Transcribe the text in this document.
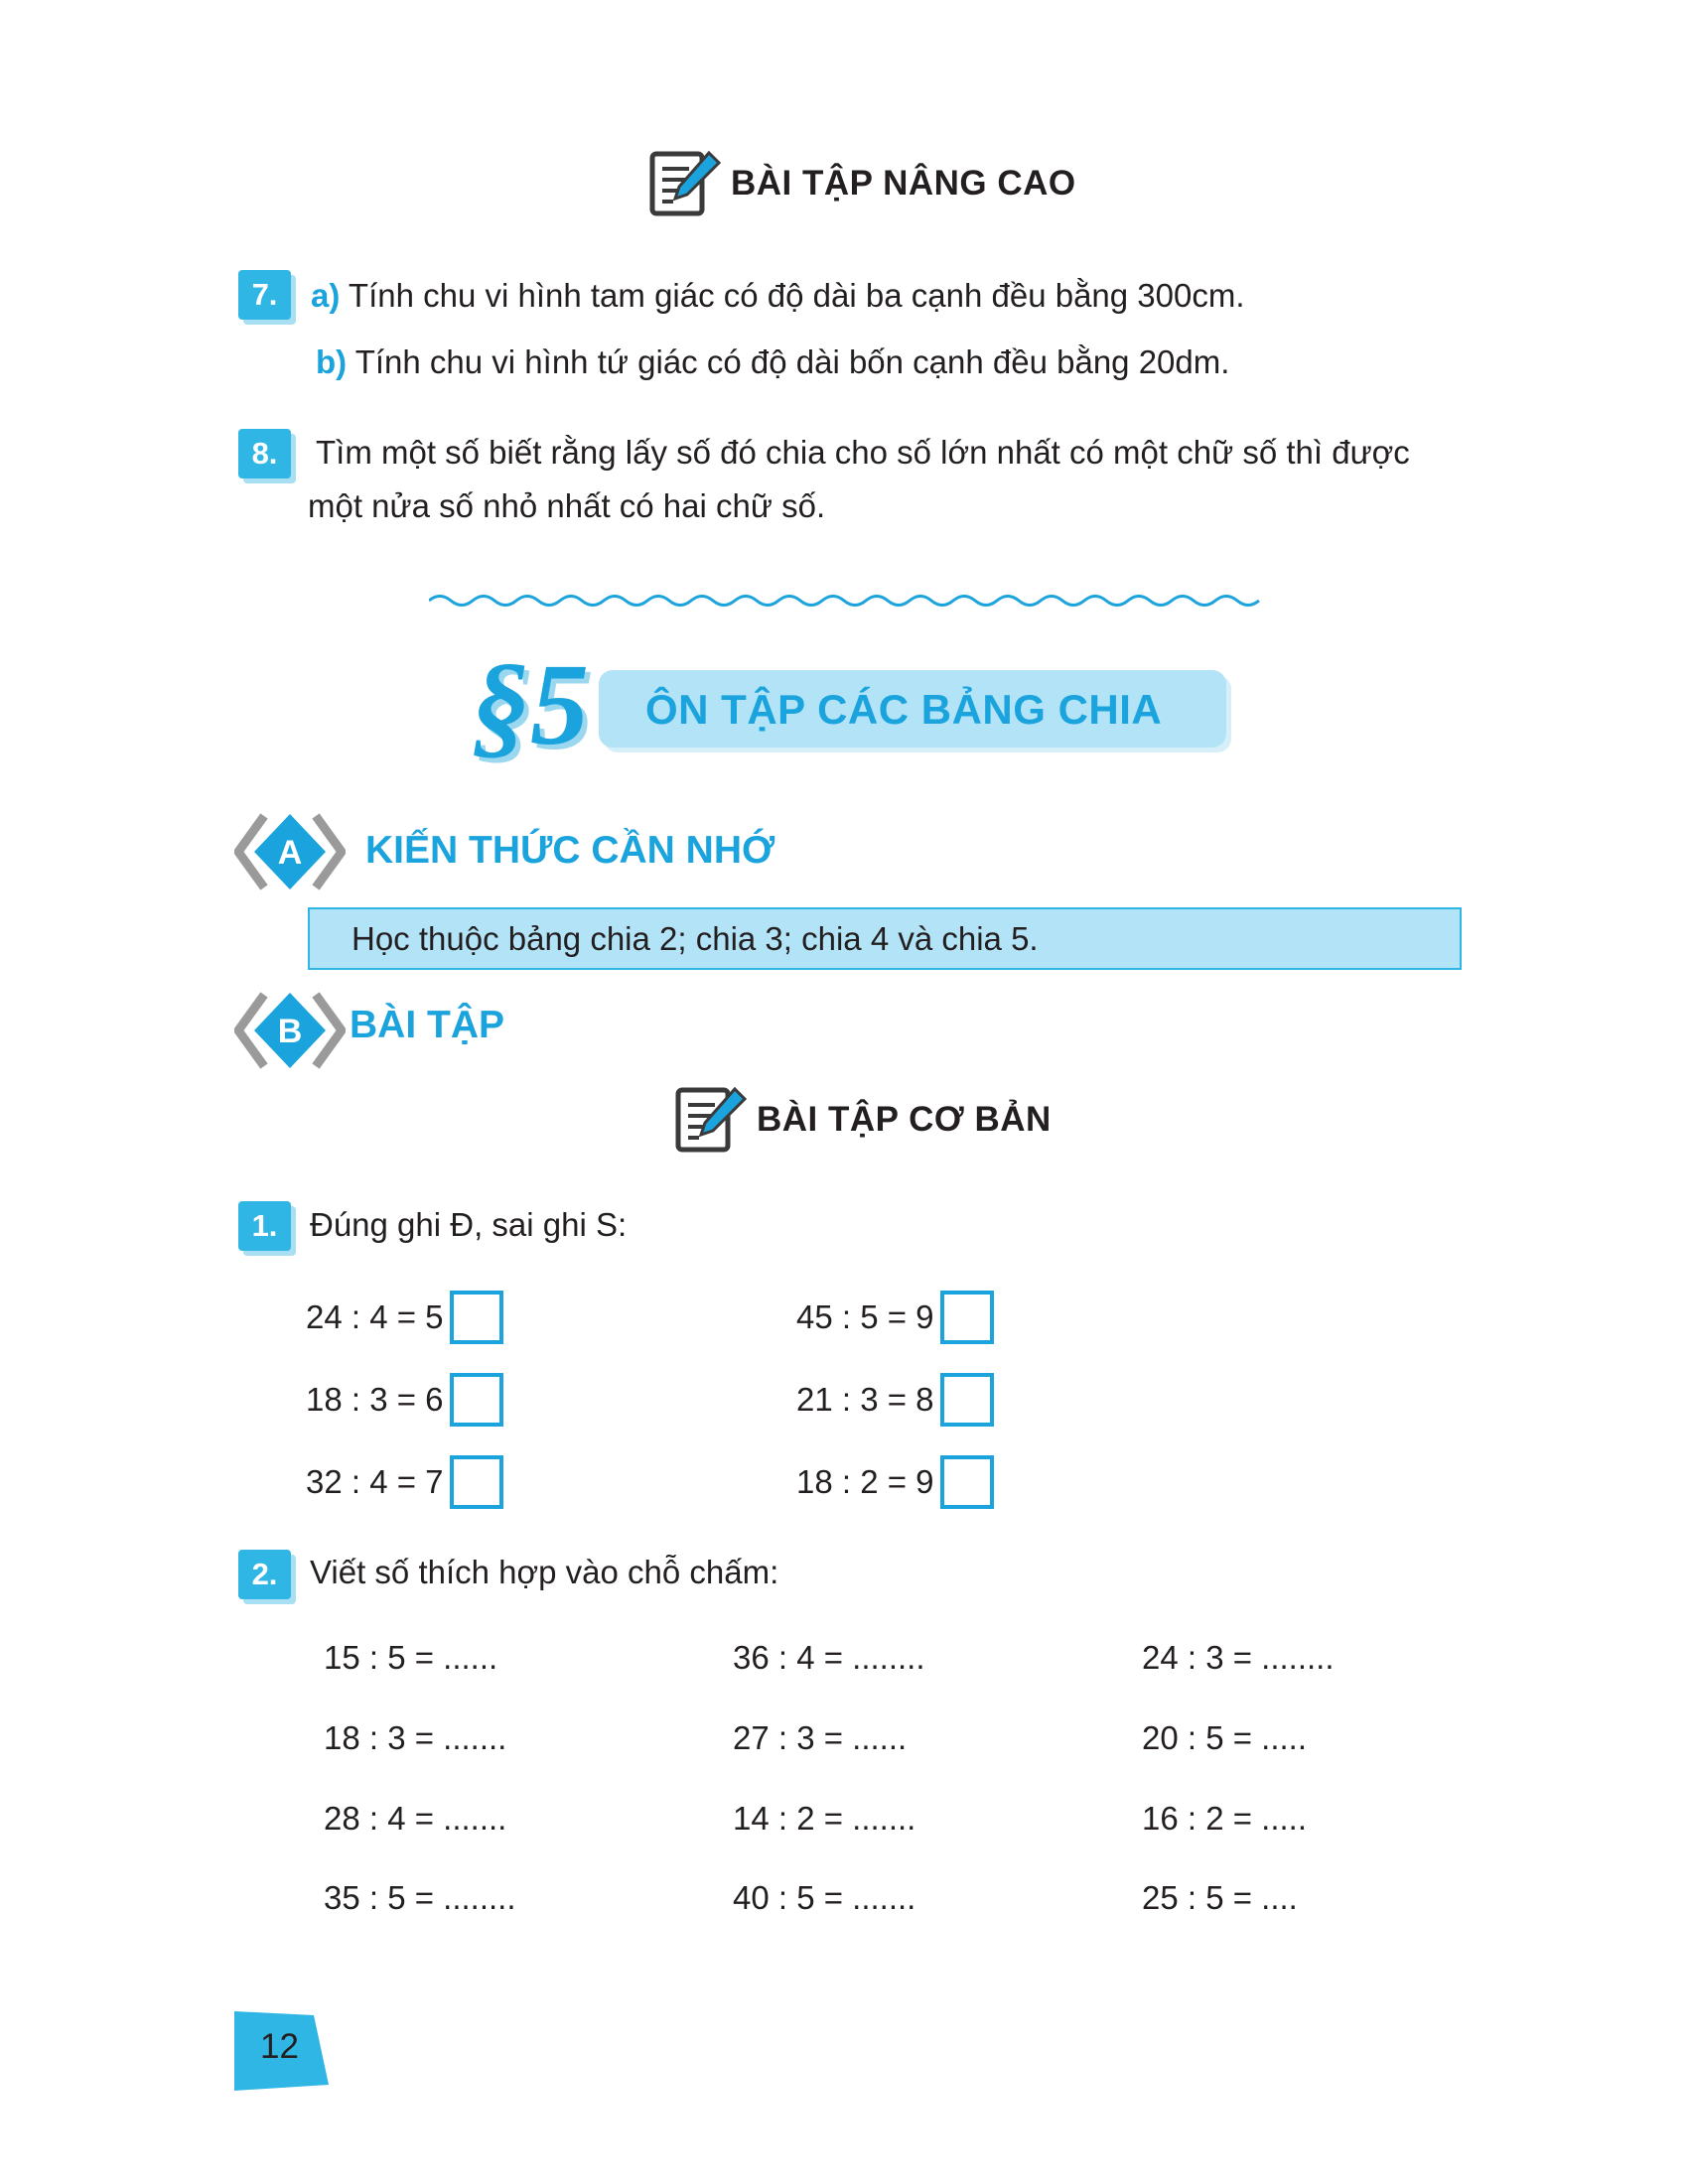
BÀI TẬP NÂNG CAO
7.	a) Tính chu vi hình tam giác có độ dài ba cạnh đều bằng 300cm.
b) Tính chu vi hình tứ giác có độ dài bốn cạnh đều bằng 20dm.
8.	Tìm một số biết rằng lấy số đó chia cho số lớn nhất có một chữ số thì được
một nửa số nhỏ nhất có hai chữ số.
§5 ÔN TẬP CÁC BẢNG CHIA
A KIẾN THỨC CẦN NHỚ
Học thuộc bảng chia 2; chia 3; chia 4 và chia 5.
B BÀI TẬP
BÀI TẬP CƠ BẢN
1. Đúng ghi Đ, sai ghi S:
24 : 4 = 5
18 : 3 = 6
32 : 4 = 7
45 : 5 = 9
21 : 3 = 8
18 : 2 = 9
2. Viết số thích hợp vào chỗ chấm:
15 : 5 = ......
18 : 3 = .......
28 : 4 = .......
35 : 5 = ........
36 : 4 = ........
27 : 3 = ......
14 : 2 = .......
40 : 5 = .......
24 : 3 = ........
20 : 5 = .....
16 : 2 = .....
25 : 5 = ....
12
